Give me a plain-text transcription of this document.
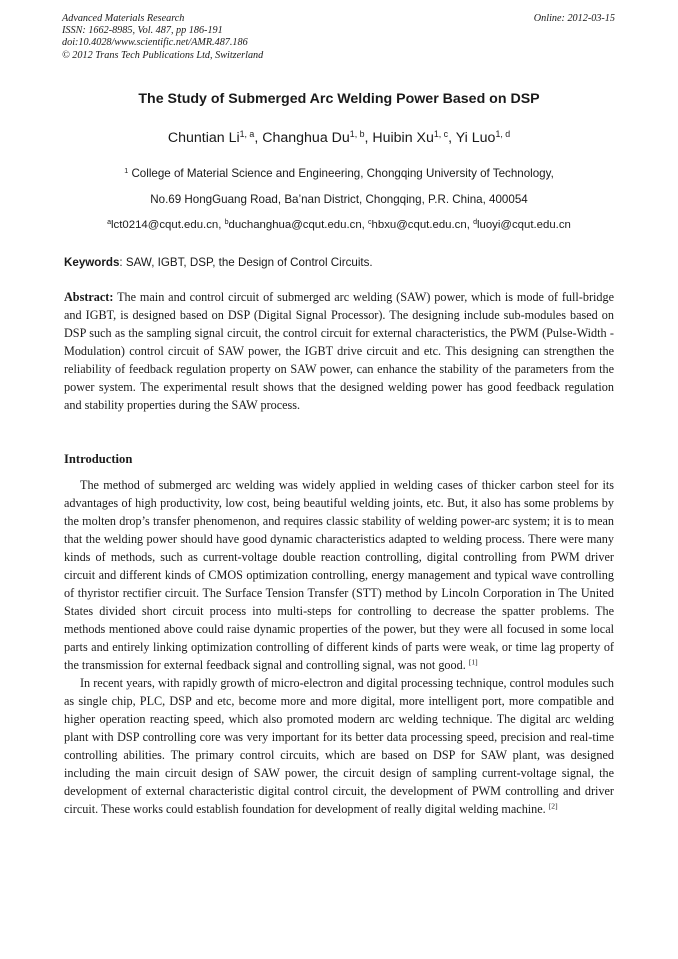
Advanced Materials Research
ISSN: 1662-8985, Vol. 487, pp 186-191
doi:10.4028/www.scientific.net/AMR.487.186
© 2012 Trans Tech Publications Ltd, Switzerland
Online: 2012-03-15
The Study of Submerged Arc Welding Power Based on DSP
Chuntian Li$^{1, a}$, Changhua Du$^{1, b}$, Huibin Xu$^{1, c}$, Yi Luo$^{1, d}$
$^1$ College of Material Science and Engineering, Chongqing University of Technology,
No.69 HongGuang Road, Ba’nan District, Chongqing, P.R. China, 400054
$^a$lct0214@cqut.edu.cn, $^b$duchanghua@cqut.edu.cn, $^c$hbxu@cqut.edu.cn, $^d$luoyi@cqut.edu.cn
Keywords: SAW, IGBT, DSP, the Design of Control Circuits.

Abstract: The main and control circuit of submerged arc welding (SAW) power, which is mode of full-bridge and IGBT, is designed based on DSP (Digital Signal Processor). The designing include sub-modules based on DSP such as the sampling signal circuit, the control circuit for external characteristics, the PWM (Pulse-Width -Modulation) control circuit of SAW power, the IGBT drive circuit and etc. This designing can strengthen the reliability of feedback regulation property on SAW power, can enhance the stability of the parameters from the power system. The experimental result shows that the designed welding power has good feedback regulation and stability properties during the SAW process.

Introduction

The method of submerged arc welding was widely applied in welding cases of thicker carbon steel for its advantages of high productivity, low cost, being beautiful welding joints, etc. But, it also has some problems by the molten drop’s transfer phenomenon, and requires classic stability of welding power-arc system; it is to mean that the welding power should have good dynamic characteristics adapted to welding process. There were many kinds of methods, such as current-voltage double reaction controlling, digital controlling from PWM driver circuit and different kinds of CMOS optimization controlling, energy management and typical wave controlling of thyristor rectifier circuit. The Surface Tension Transfer (STT) method by Lincoln Corporation in The United States divided short circuit process into multi-steps for controlling to decrease the spatter problems. The methods mentioned above could raise dynamic properties of the power, but they were all focused in some local parts and entirely linking optimization controlling of different kinds of parts were weak, or time lag property of the transmission for external feedback signal and controlling signal, was not good. [1]

In recent years, with rapidly growth of micro-electron and digital processing technique, control modules such as single chip, PLC, DSP and etc, become more and more digital, more intelligent port, more compatible and higher operation reacting speed, which also promoted modern arc welding technique. The digital arc welding plant with DSP controlling core was very important for its better data processing speed, precision and real-time controlling abilities. The primary control circuits, which are based on DSP for SAW plant, was designed including the main circuit design of SAW power, the circuit design of sampling current-voltage signal, the development of external characteristic digital control circuit, the development of PWM controlling and driver circuit. These works could establish foundation for development of really digital welding machine. [2]
